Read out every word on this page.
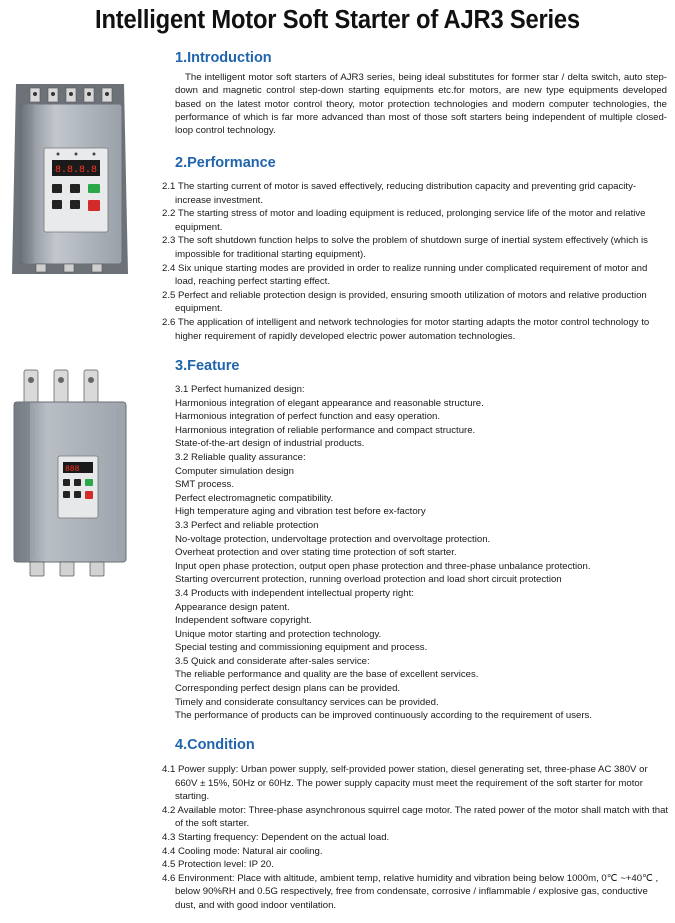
Intelligent Motor Soft Starter of AJR3 Series
8.8.8.8
888
1.Introduction

The intelligent motor soft starters of AJR3 series, being ideal substitutes for former star / delta switch, auto step-down and magnetic control step-down starting equipments etc.for motors, are new type equipments developed based on the latest motor control theory, motor protection technologies and modern computer technologies, the performance of which is far more advanced than most of those soft starters being independent of multiple closed-loop control technology.

2.Performance
2.1 The starting current of motor is saved effectively, reducing distribution capacity and preventing grid capacity-increase investment.
2.2 The starting stress of motor and loading equipment is reduced, prolonging service life of the motor and relative equipment.
2.3 The soft shutdown function helps to solve the problem of shutdown surge of inertial system effectively (which is impossible for traditional starting equipment).
2.4 Six unique starting modes are provided in order to realize running under complicated requirement of motor and load, reaching perfect starting effect.
2.5 Perfect and reliable protection design is provided, ensuring smooth utilization of motors and relative production equipment.
2.6 The application of intelligent and network technologies for motor starting adapts the motor control technology to higher requirement of rapidly developed electric power automation technologies.
3.Feature
3.1 Perfect humanized design:
Harmonious integration of elegant appearance and reasonable structure.
Harmonious integration of perfect function and easy operation.
Harmonious integration of reliable performance and compact structure.
State-of-the-art design of industrial products.
3.2 Reliable quality assurance:
Computer simulation design
SMT process.
Perfect electromagnetic compatibility.
High temperature aging and vibration test before ex-factory
3.3 Perfect and reliable protection
No-voltage protection, undervoltage protection and overvoltage protection.
Overheat protection and over stating time protection of soft starter.
Input open phase protection, output open phase protection and three-phase unbalance protection.
Starting overcurrent protection, running overload protection and load short circuit protection
3.4 Products with independent intellectual property right:
Appearance design patent.
Independent software copyright.
Unique motor starting and protection technology.
Special testing and commissioning equipment and process.
3.5 Quick and considerate after-sales service:
The reliable performance and quality are the base of excellent services.
Corresponding perfect design plans can be provided.
Timely and considerate consultancy services can be provided.
The performance of products can be improved continuously according to the requirement of users.
4.Condition
4.1 Power supply: Urban power supply, self-provided power station, diesel generating set, three-phase AC 380V or 660V ± 15%, 50Hz or 60Hz. The power supply capacity must meet the requirement of the soft starter for motor starting.
4.2 Available motor: Three-phase asynchronous squirrel cage motor. The rated power of the motor shall match with that of the soft starter.
4.3 Starting frequency: Dependent on the actual load.
4.4 Cooling mode: Natural air cooling.
4.5 Protection level: IP 20.
4.6 Environment: Place with altitude, ambient temp, relative humidity and vibration being below 1000m, 0℃ ~+40℃ , below 90%RH and 0.5G respectively, free from condensate, corrosive / inflammable / explosive gas, conductive dust, and with good indoor ventilation.
